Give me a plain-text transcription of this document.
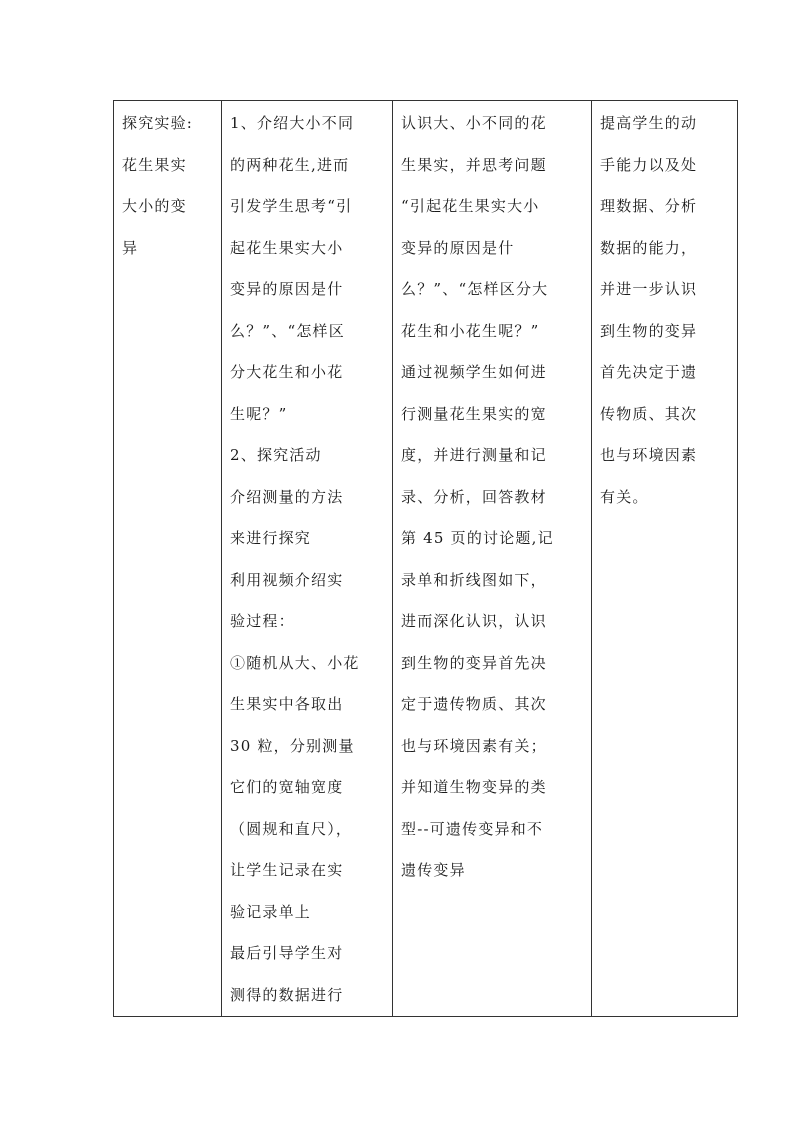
探究实验:
花生果实
大小的变
异

1、介绍大小不同
的两种花生,进而
引发学生思考“引
起花生果实大小
变异的原因是什
么？”、“怎样区
分大花生和小花
生呢？”
2、探究活动
介绍测量的方法
来进行探究
利用视频介绍实
验过程：
①随机从大、小花
生果实中各取出
30 粒，分别测量
它们的宽轴宽度
（圆规和直尺），
让学生记录在实
验记录单上
最后引导学生对
测得的数据进行

认识大、小不同的花
生果实，并思考问题
“引起花生果实大小
变异的原因是什
么？”、“怎样区分大
花生和小花生呢？”
通过视频学生如何进
行测量花生果实的宽
度，并进行测量和记
录、分析，回答教材
第 45 页的讨论题,记
录单和折线图如下，
进而深化认识，认识
到生物的变异首先决
定于遗传物质、其次
也与环境因素有关；
并知道生物变异的类
型--可遗传变异和不
遗传变异

提高学生的动
手能力以及处
理数据、分析
数据的能力，
并进一步认识
到生物的变异
首先决定于遗
传物质、其次
也与环境因素
有关。
